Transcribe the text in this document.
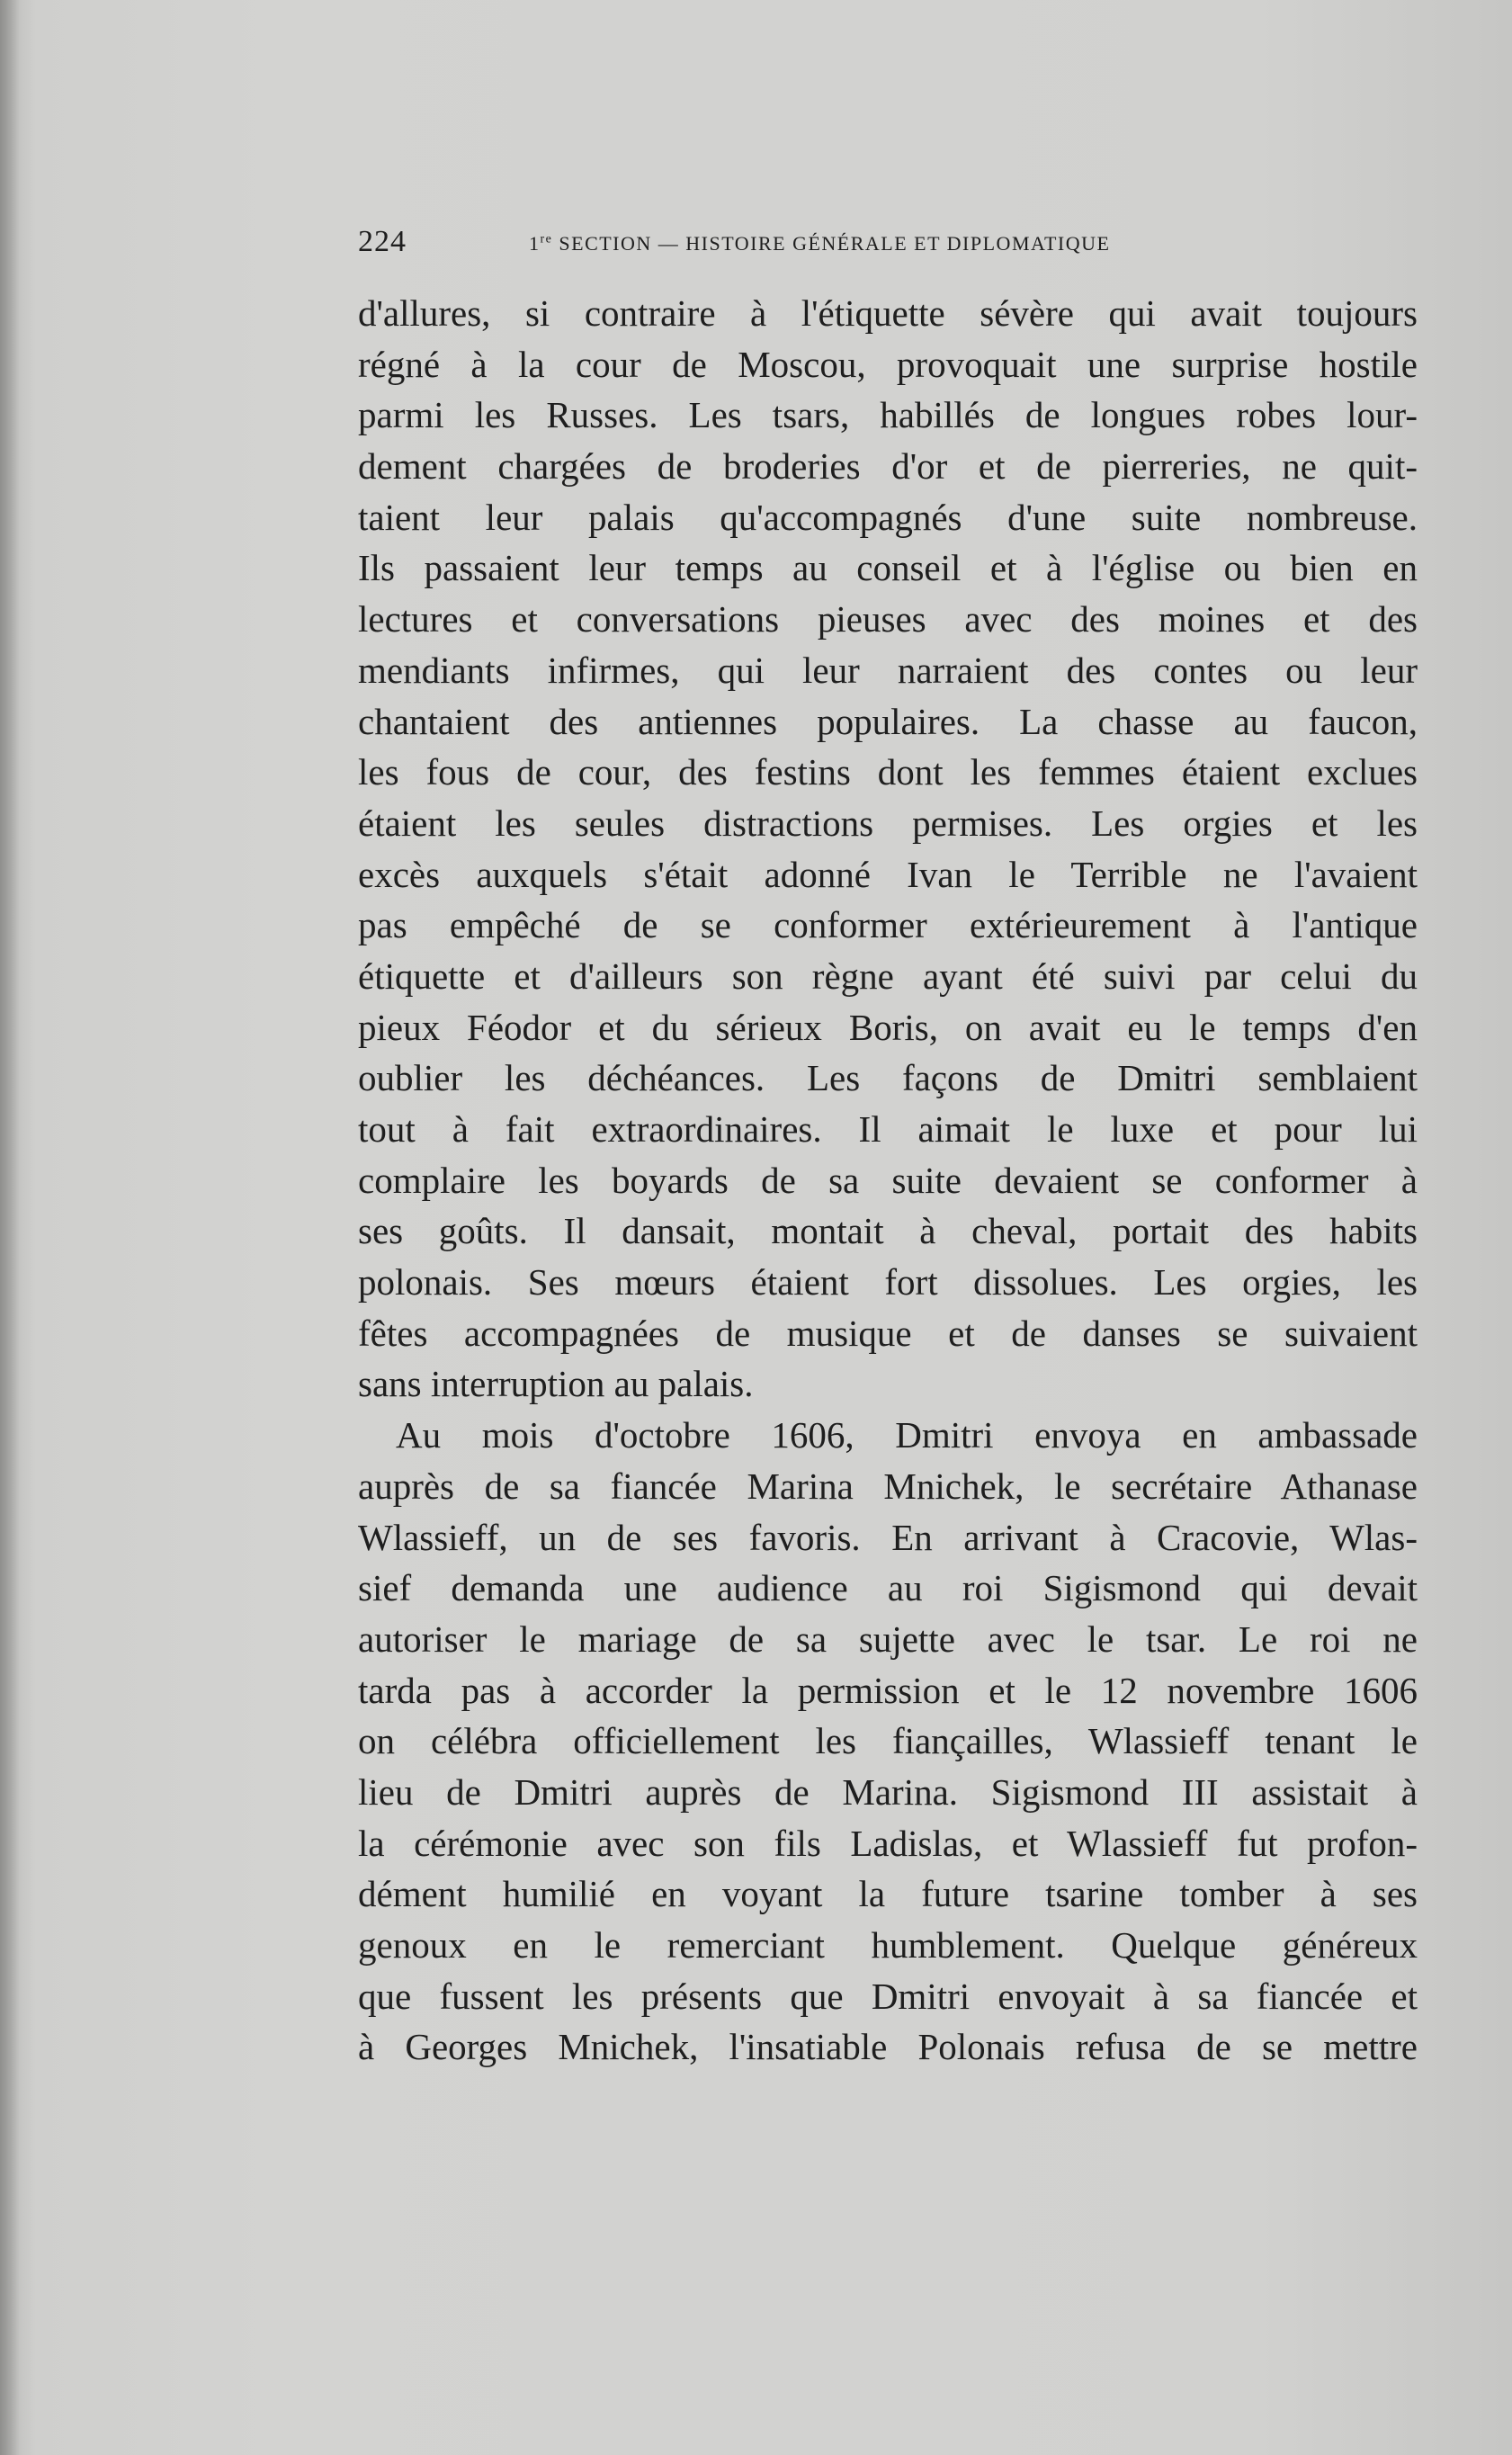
224	1re SECTION — HISTOIRE GÉNÉRALE ET DIPLOMATIQUE
d'allures, si contraire à l'étiquette sévère qui avait toujours
régné à la cour de Moscou, provoquait une surprise hostile
parmi les Russes. Les tsars, habillés de longues robes lour-
dement chargées de broderies d'or et de pierreries, ne quit-
taient leur palais qu'accompagnés d'une suite nombreuse.
Ils passaient leur temps au conseil et à l'église ou bien en
lectures et conversations pieuses avec des moines et des
mendiants infirmes, qui leur narraient des contes ou leur
chantaient des antiennes populaires. La chasse au faucon,
les fous de cour, des festins dont les femmes étaient exclues
étaient les seules distractions permises. Les orgies et les
excès auxquels s'était adonné Ivan le Terrible ne l'avaient
pas empêché de se conformer extérieurement à l'antique
étiquette et d'ailleurs son règne ayant été suivi par celui du
pieux Féodor et du sérieux Boris, on avait eu le temps d'en
oublier les déchéances. Les façons de Dmitri semblaient
tout à fait extraordinaires. Il aimait le luxe et pour lui
complaire les boyards de sa suite devaient se conformer à
ses goûts. Il dansait, montait à cheval, portait des habits
polonais. Ses mœurs étaient fort dissolues. Les orgies, les
fêtes accompagnées de musique et de danses se suivaient
sans interruption au palais.
Au mois d'octobre 1606, Dmitri envoya en ambassade
auprès de sa fiancée Marina Mnichek, le secrétaire Athanase
Wlassieff, un de ses favoris. En arrivant à Cracovie, Wlas-
sief demanda une audience au roi Sigismond qui devait
autoriser le mariage de sa sujette avec le tsar. Le roi ne
tarda pas à accorder la permission et le 12 novembre 1606
on célébra officiellement les fiançailles, Wlassieff tenant le
lieu de Dmitri auprès de Marina. Sigismond III assistait à
la cérémonie avec son fils Ladislas, et Wlassieff fut profon-
dément humilié en voyant la future tsarine tomber à ses
genoux en le remerciant humblement. Quelque généreux
que fussent les présents que Dmitri envoyait à sa fiancée et
à Georges Mnichek, l'insatiable Polonais refusa de se mettre
